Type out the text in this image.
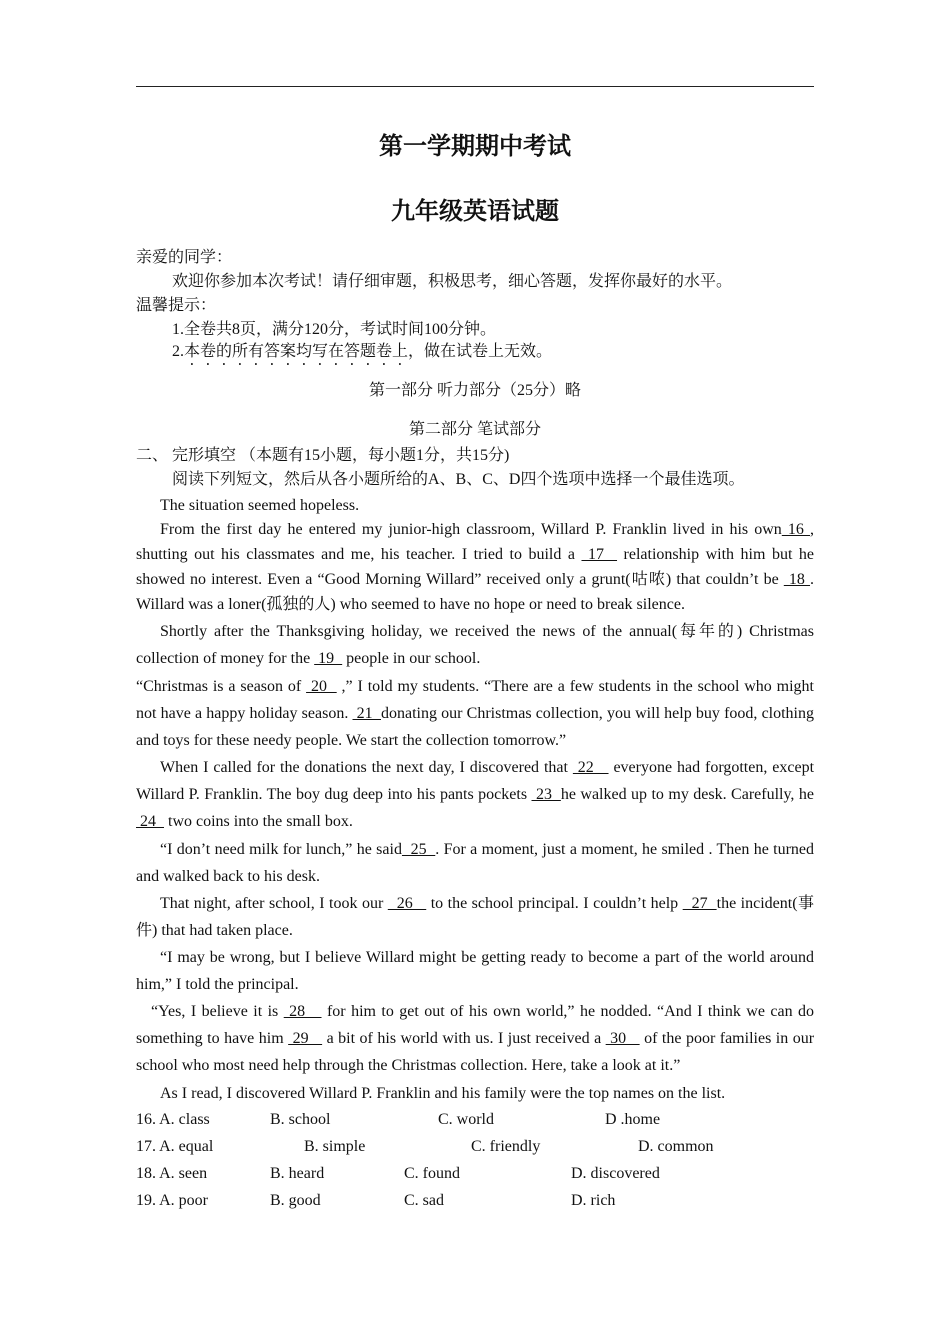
第一学期期中考试
九年级英语试题
亲爱的同学：
欢迎你参加本次考试！请仔细审题，积极思考，细心答题，发挥你最好的水平。
温馨提示：
1.全卷共8页，满分120分，考试时间100分钟。
2.本卷的所有答案均写在答题卷上，做在试卷上无效。
第一部分 听力部分（25分）略
第二部分 笔试部分
二、 完形填空 （本题有15小题，每小题1分，共15分)
阅读下列短文，然后从各小题所给的A、B、C、D四个选项中选择一个最佳选项。
The situation seemed hopeless.
From the first day he entered my junior-high classroom, Willard P. Franklin lived in his own 16 , shutting out his classmates and me, his teacher. I tried to build a  17   relationship with him but he showed no interest. Even a “Good Morning Willard” received only a grunt(咕哝) that couldn’t be  18 . Willard was a loner(孤独的人) who seemed to have no hope or need to break silence.
Shortly after the Thanksgiving holiday, we received the news of the annual(每年的) Christmas collection of money for the  19   people in our school.
“Christmas is a season of  20   ,” I told my students. “There are a few students in the school who might not have a happy holiday season.  21  donating our Christmas collection, you will help buy food, clothing and toys for these needy people. We start the collection tomorrow.”
When I called for the donations the next day, I discovered that  22    everyone had forgotten, except Willard P. Franklin. The boy dug deep into his pants pockets  23  he walked up to my desk. Carefully, he 24   two coins into the small box.
“I don’t need milk for lunch,” he said  25  . For a moment, just a moment, he smiled . Then he turned and walked back to his desk.
That night, after school, I took our   26    to the school principal. I couldn’t help   27  the incident(事件) that had taken place.
“I may be wrong, but I believe Willard might be getting ready to become a part of the world around him,” I told the principal.
“Yes, I believe it is  28    for him to get out of his own world,” he nodded. “And I think we can do something to have him  29    a bit of his world with us. I just received a  30    of the poor families in our school who most need help through the Christmas collection. Here, take a look at it.”
As I read, I discovered Willard P. Franklin and his family were the top names on the list.
16. A. class	B. school	C. world	D .home
17. A. equal	B. simple	C. friendly	D. common
18. A. seen	B. heard	C. found	D. discovered
19. A. poor	B. good	C. sad	D. rich
